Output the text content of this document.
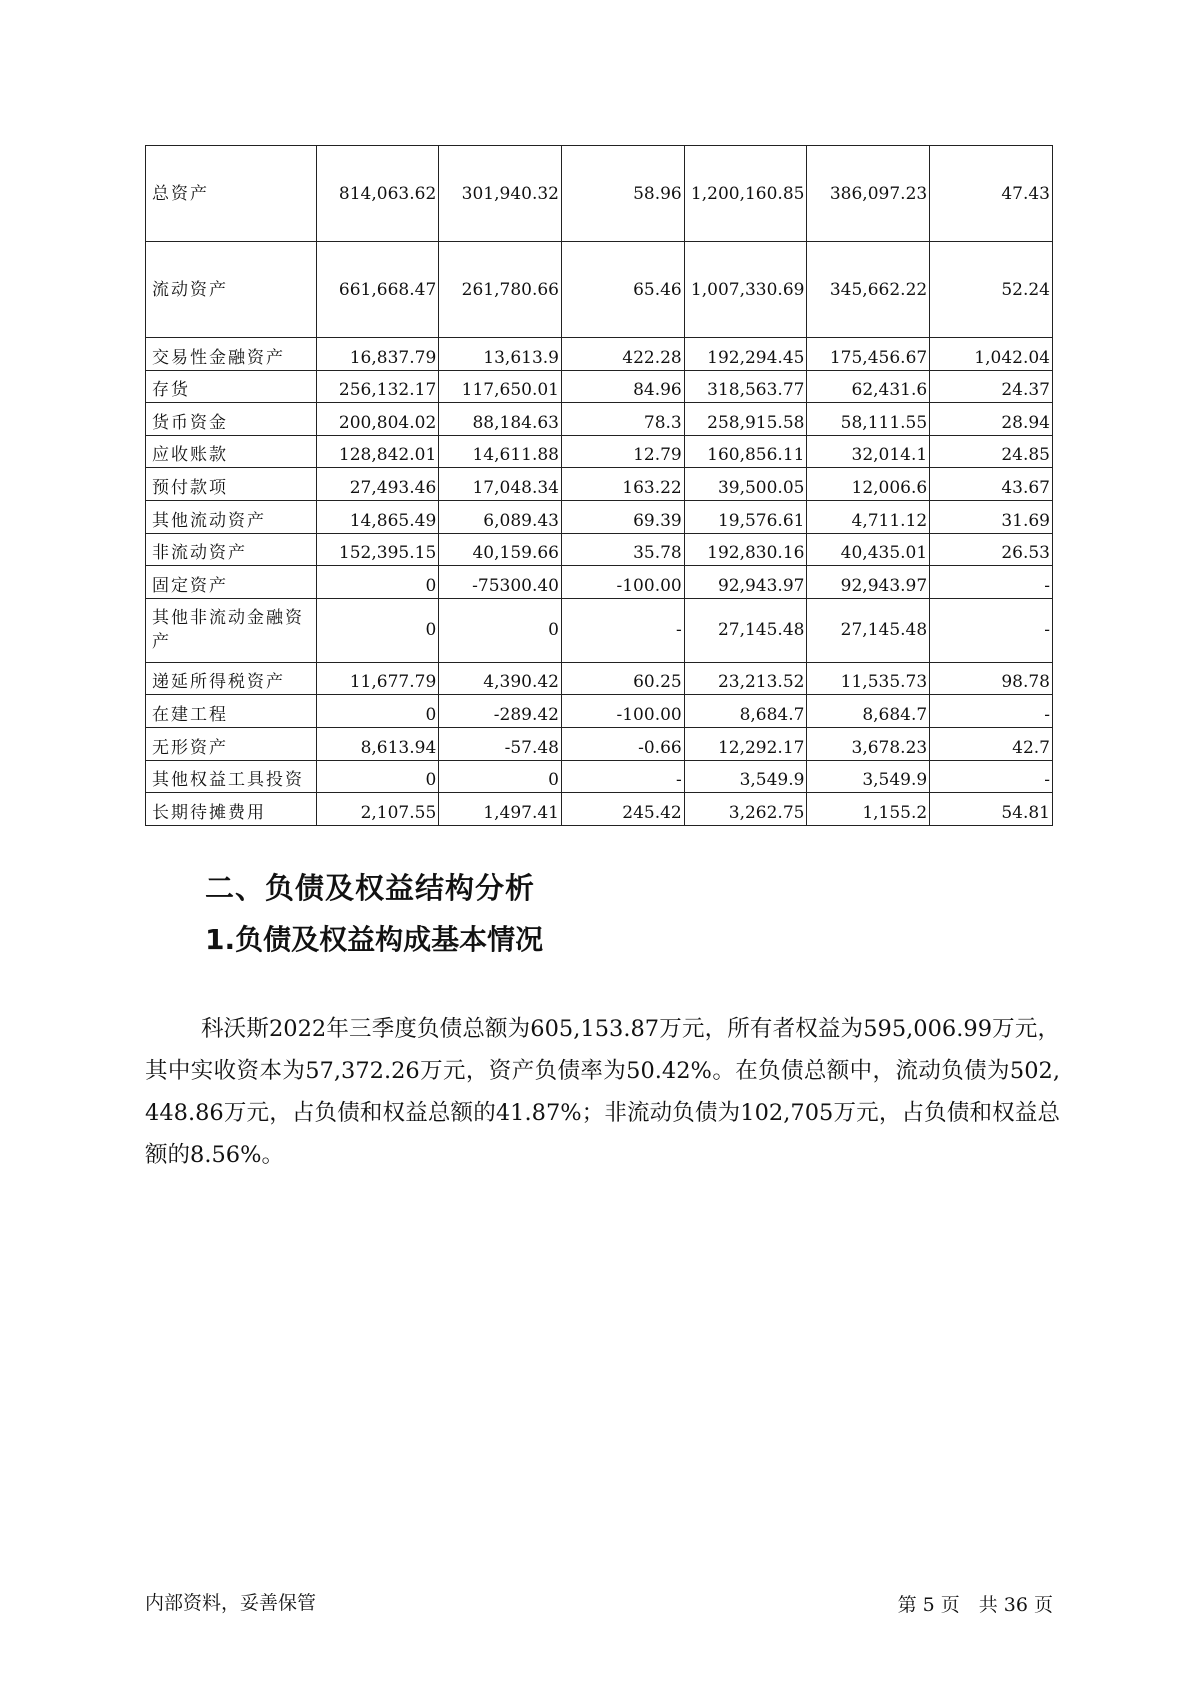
总资产	814,063.62	301,940.32	58.96	1,200,160.85	386,097.23	47.43
流动资产	661,668.47	261,780.66	65.46	1,007,330.69	345,662.22	52.24
交易性金融资产	16,837.79	13,613.9	422.28	192,294.45	175,456.67	1,042.04
存货	256,132.17	117,650.01	84.96	318,563.77	62,431.6	24.37
货币资金	200,804.02	88,184.63	78.3	258,915.58	58,111.55	28.94
应收账款	128,842.01	14,611.88	12.79	160,856.11	32,014.1	24.85
预付款项	27,493.46	17,048.34	163.22	39,500.05	12,006.6	43.67
其他流动资产	14,865.49	6,089.43	69.39	19,576.61	4,711.12	31.69
非流动资产	152,395.15	40,159.66	35.78	192,830.16	40,435.01	26.53
固定资产	0	-75300.40	-100.00	92,943.97	92,943.97	-
其他非流动金融资产	0	0	-	27,145.48	27,145.48	-
递延所得税资产	11,677.79	4,390.42	60.25	23,213.52	11,535.73	98.78
在建工程	0	-289.42	-100.00	8,684.7	8,684.7	-
无形资产	8,613.94	-57.48	-0.66	12,292.17	3,678.23	42.7
其他权益工具投资	0	0	-	3,549.9	3,549.9	-
长期待摊费用	2,107.55	1,497.41	245.42	3,262.75	1,155.2	54.81
二、负债及权益结构分析
1.负债及权益构成基本情况

科沃斯2022年三季度负债总额为605,153.87万元，所有者权益为595,006.99万元，其中实收资本为57,372.26万元，资产负债率为50.42%。在负债总额中，流动负债为502,448.86万元，占负债和权益总额的41.87%；非流动负债为102,705万元，占负债和权益总额的8.56%。

内部资料，妥善保管	第 5 页　共 36 页
